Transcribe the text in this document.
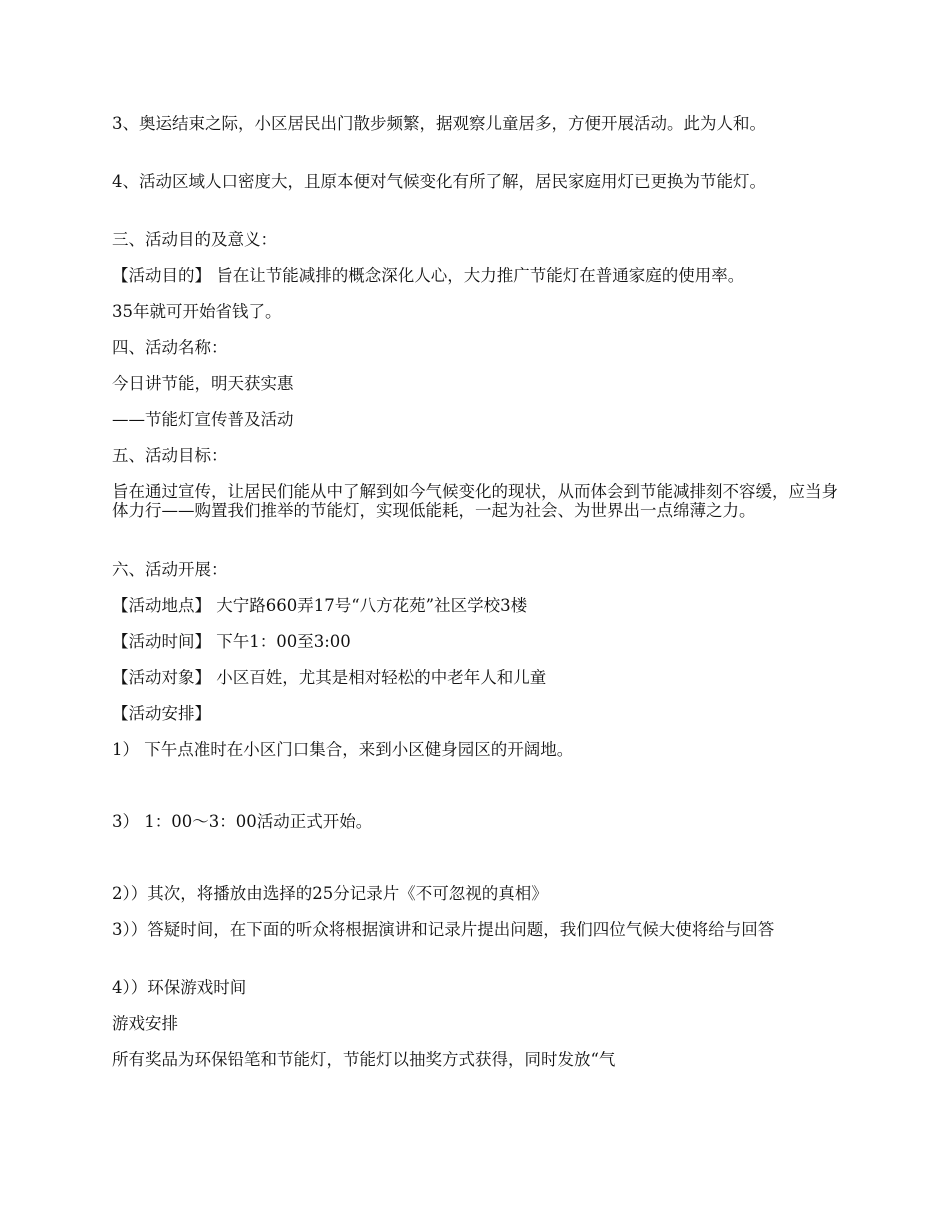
3、奥运结束之际，小区居民出门散步频繁，据观察儿童居多，方便开展活动。此为人和。

4、活动区域人口密度大，且原本便对气候变化有所了解，居民家庭用灯已更换为节能灯。

三、活动目的及意义：

【活动目的】 旨在让节能减排的概念深化人心，大力推广节能灯在普通家庭的使用率。

35年就可开始省钱了。

四、活动名称：

今日讲节能，明天获实惠

——节能灯宣传普及活动

五、活动目标：

旨在通过宣传，让居民们能从中了解到如今气候变化的现状，从而体会到节能减排刻不容缓，应当身体力行——购置我们推举的节能灯，实现低能耗，一起为社会、为世界出一点绵薄之力。

六、活动开展：

【活动地点】 大宁路660弄17号“八方花苑”社区学校3楼

【活动时间】 下午1：00至3:00

【活动对象】 小区百姓，尤其是相对轻松的中老年人和儿童

【活动安排】

1） 下午点准时在小区门口集合，来到小区健身园区的开阔地。

3） 1：00～3：00活动正式开始。

2））其次，将播放由选择的25分记录片《不可忽视的真相》

3））答疑时间，在下面的听众将根据演讲和记录片提出问题，我们四位气候大使将给与回答

4））环保游戏时间

游戏安排

所有奖品为环保铅笔和节能灯，节能灯以抽奖方式获得，同时发放“气
